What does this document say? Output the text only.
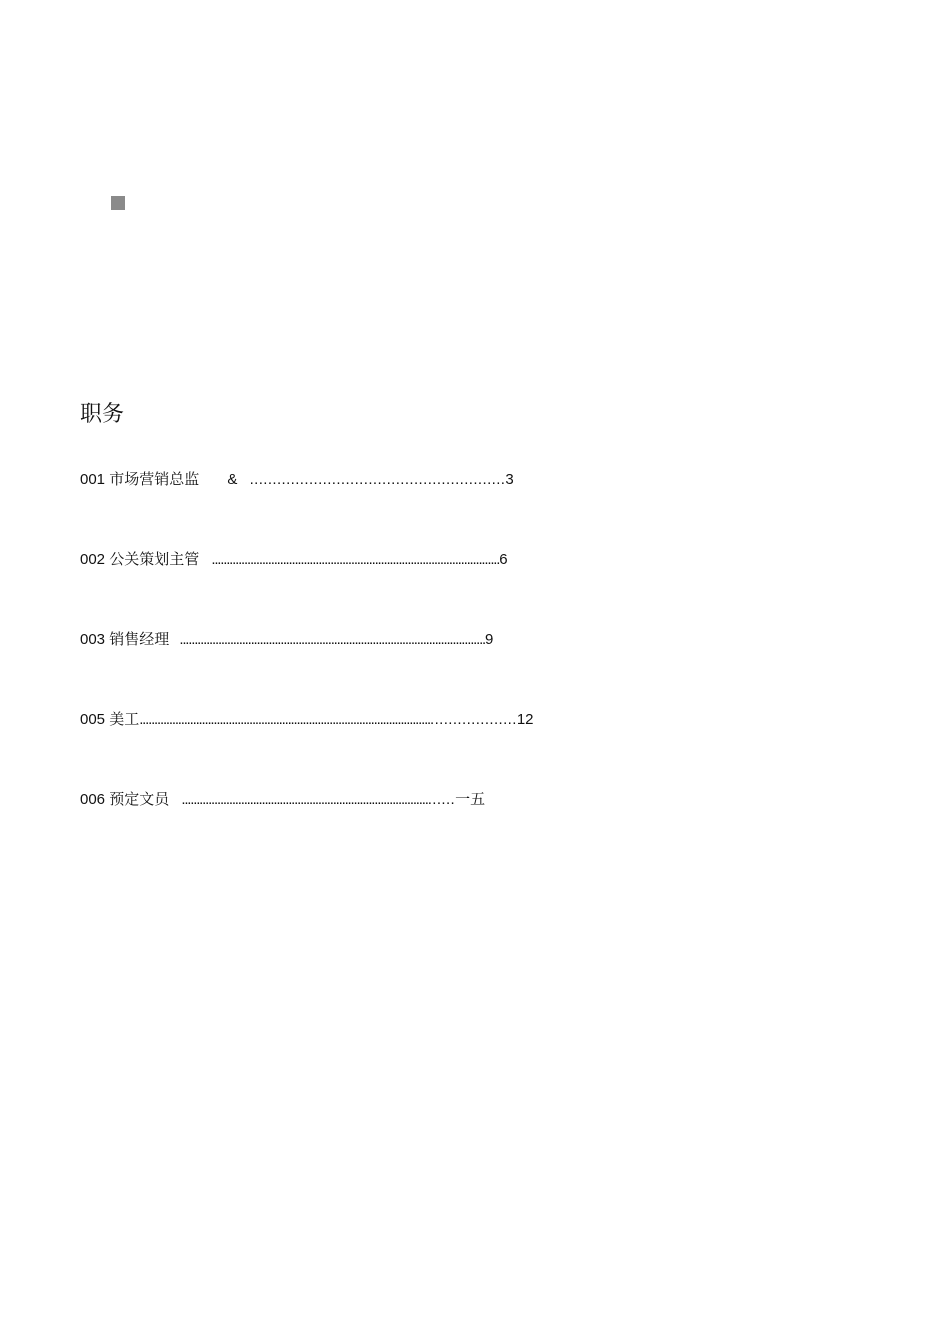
职务
001 市场营销总监 & ........................................................3
002 公关策划主管 .................................................................................................6
003 销售经理 .......................................................................................................9
005 美工.....................................................................................................................12
006 预定文员 .........................................................................................一五
